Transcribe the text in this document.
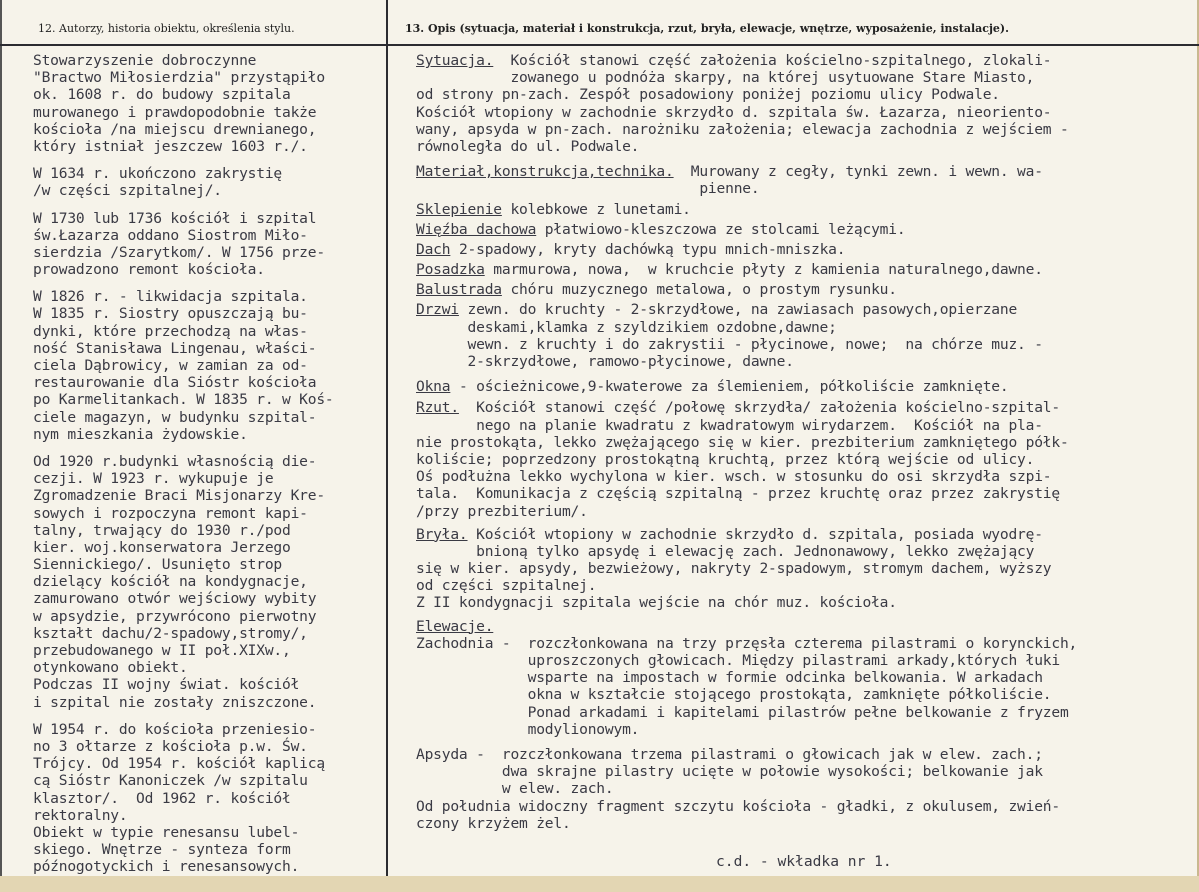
12. Autorzy, historia obiektu, określenia stylu.	13. Opis (sytuacja, materiał i konstrukcja, rzut, bryła, elewacje, wnętrze, wyposażenie, instalacje).
Stowarzyszenie dobroczynne
"Bractwo Miłosierdzia" przystąpiło
ok. 1608 r. do budowy szpitala
murowanego i prawdopodobnie także
kościoła /na miejscu drewnianego,
który istniał jeszczew 1603 r./.
W 1634 r. ukończono zakrystię
/w części szpitalnej/.
W 1730 lub 1736 kościół i szpital
św.Łazarza oddano Siostrom Miło-
sierdzia /Szarytkom/. W 1756 prze-
prowadzono remont kościoła.
W 1826 r. - likwidacja szpitala.
W 1835 r. Siostry opuszczają bu-
dynki, które przechodzą na włas-
ność Stanisława Lingenau, właści-
ciela Dąbrowicy, w zamian za od-
restaurowanie dla Sióstr kościoła
po Karmelitankach. W 1835 r. w Koś-
ciele magazyn, w budynku szpital-
nym mieszkania żydowskie.
Od 1920 r.budynki własnością die-
cezji. W 1923 r. wykupuje je
Zgromadzenie Braci Misjonarzy Kre-
sowych i rozpoczyna remont kapi-
talny, trwający do 1930 r./pod
kier. woj.konserwatora Jerzego
Siennickiego/. Usunięto strop
dzielący kościół na kondygnacje,
zamurowano otwór wejściowy wybity
w apsydzie, przywrócono pierwotny
kształt dachu/2-spadowy,stromy/,
przebudowanego w II poł.XIXw.,
otynkowano obiekt.
Podczas II wojny świat. kościół
i szpital nie zostały zniszczone.
W 1954 r. do kościoła przeniesio-
no 3 ołtarze z kościoła p.w. Św.
Trójcy. Od 1954 r. kościół kaplicą
cą Sióstr Kanoniczek /w szpitalu
klasztor/.  Od 1962 r. kościół
rektoralny.
Obiekt w typie renesansu lubel-
skiego. Wnętrze - synteza form
późnogotyckich i renesansowych.
Sytuacja.  Kościół stanowi część założenia kościelno-szpitalnego, zlokali-
zowanego u podnóża skarpy, na której usytuowane Stare Miasto,
od strony pn-zach. Zespół posadowiony poniżej poziomu ulicy Podwale.
Kościół wtopiony w zachodnie skrzydło d. szpitala św. Łazarza, nieorientо-
wany, apsyda w pn-zach. narożniku założenia; elewacja zachodnia z wejściem -
równoległa do ul. Podwale.
Materiał,konstrukcja,technika.  Murowany z cegły, tynki zewn. i wewn. wa-
pienne.
Sklepienie kolebkowe z lunetami.
Więźba dachowa płatwiowo-kleszczowa ze stolcami leżącymi.
Dach 2-spadowy, kryty dachówką typu mnich-mniszka.
Posadzka marmurowa, nowa,  w kruchcie płyty z kamienia naturalnego,dawne.
Balustrada chóru muzycznego metalowa, o prostym rysunku.
Drzwi zewn. do kruchty - 2-skrzydłowe, na zawiasach pasowych,opierzane
deskami,klamka z szyldzikiem ozdobne,dawne;
wewn. z kruchty i do zakrystii - płycinowe, nowe;  na chórze muz. -
2-skrzydłowe, ramowo-płycinowe, dawne.
Okna - ościeżnicowe,9-kwaterowe za ślemieniem, półkoliście zamknięte.
Rzut.  Kościół stanowi część /połowę skrzydła/ założenia kościelno-szpital-
nego na planie kwadratu z kwadratowym wirydarzem.  Kościół na pla-
nie prostokąta, lekko zwężającego się w kier. prezbiterium zamkniętego półk-
koliście; poprzedzony prostokątną kruchtą, przez którą wejście od ulicy.
Oś podłużna lekko wychylona w kier. wsch. w stosunku do osi skrzydła szpi-
tala.  Komunikacja z częścią szpitalną - przez kruchtę oraz przez zakrystię
/przy prezbiterium/.
Bryła. Kościół wtopiony w zachodnie skrzydło d. szpitala, posiada wyodrę-
bnioną tylko apsydę i elewację zach. Jednonawowy, lekko zwężający
się w kier. apsydy, bezwieżowy, nakryty 2-spadowym, stromym dachem, wyższy
od części szpitalnej.
Z II kondygnacji szpitala wejście na chór muz. kościoła.
Elewacje.
Zachodnia -  rozczłonkowana na trzy przęsła czterema pilastrami o korynckich,
uproszczonych głowicach. Między pilastrami arkady,których łuki
wsparte na impostach w formie odcinka belkowania. W arkadach
okna w kształcie stojącego prostokąta, zamknięte półkoliście.
Ponad arkadami i kapitelami pilastrów pełne belkowanie z fryzem
modylionowym.
Apsyda -  rozczłonkowana trzema pilastrami o głowicach jak w elew. zach.;
dwa skrajne pilastry ucięte w połowie wysokości; belkowanie jak
w elew. zach.
Od południa widoczny fragment szczytu kościoła - gładki, z okulusem, zwień-
czony krzyżem żel.
c.d. - wkładka nr 1.
